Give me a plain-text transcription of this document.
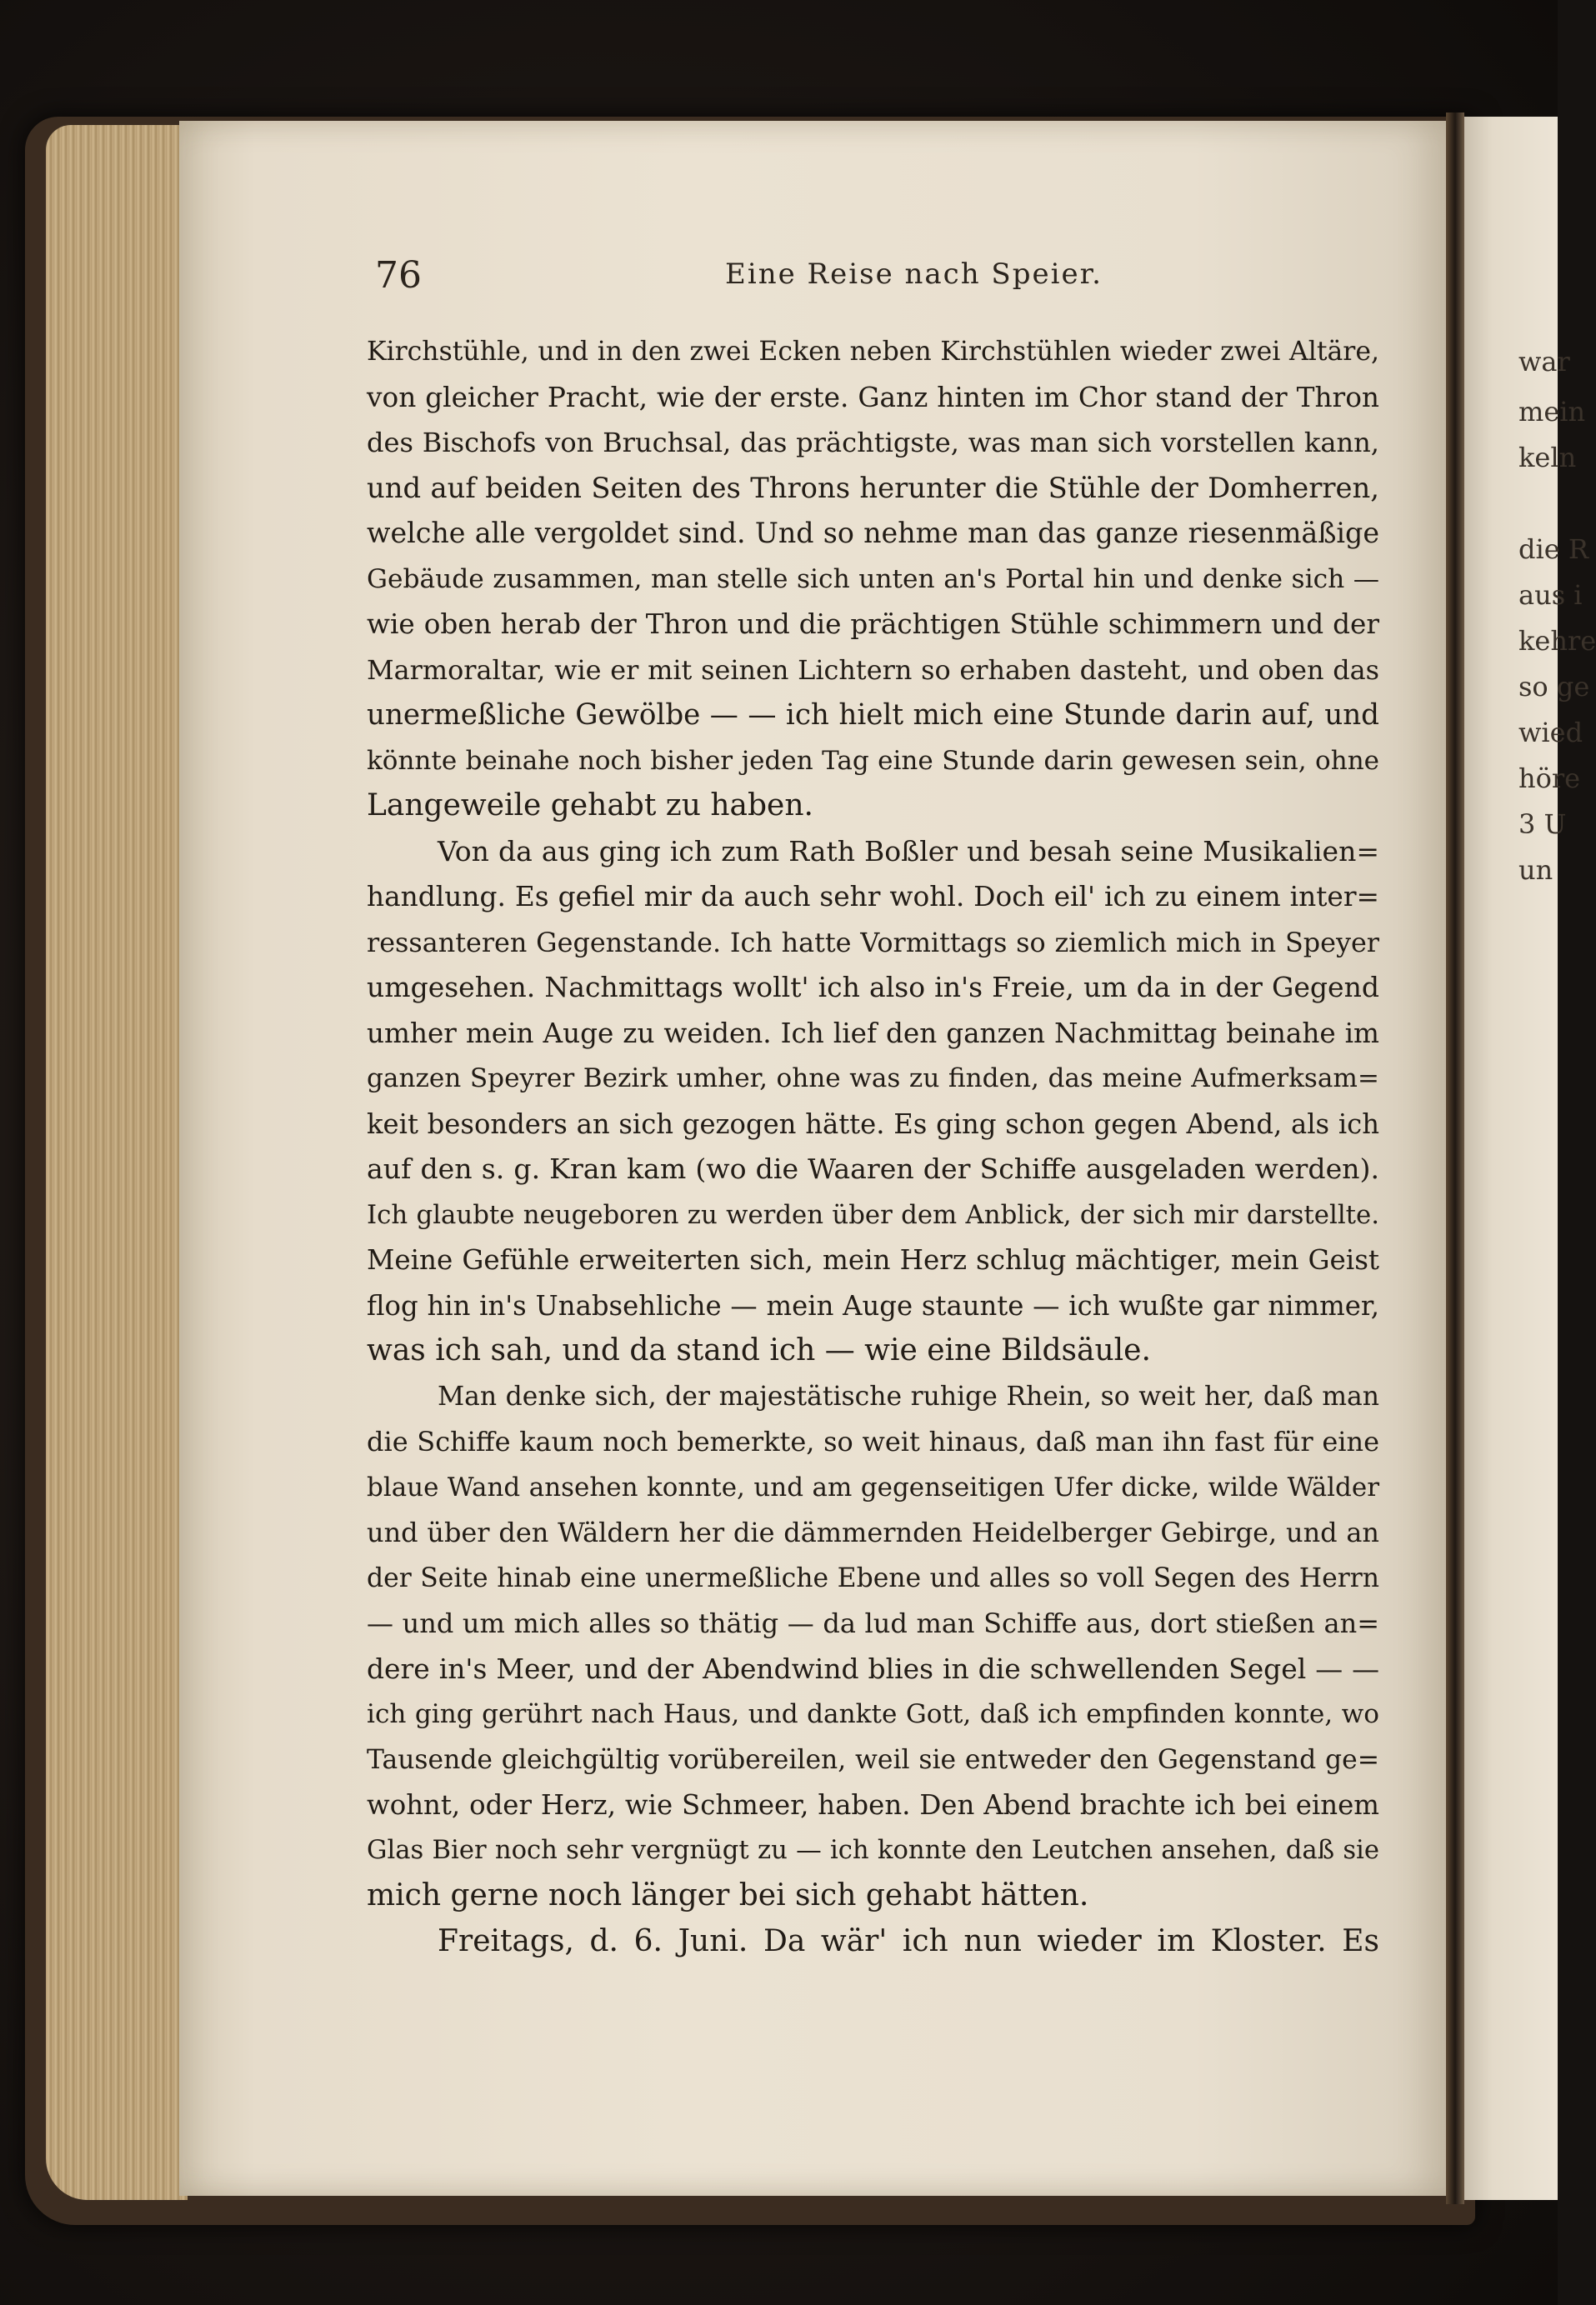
war
mein
keln
die R
aus i
kehre
so ge
wied
höre
3 U
un
76	Eine Reise nach Speier.
Kirchstühle, und in den zwei Ecken neben Kirchstühlen wieder zwei Altäre,
von gleicher Pracht, wie der erste. Ganz hinten im Chor stand der Thron
des Bischofs von Bruchsal, das prächtigste, was man sich vorstellen kann,
und auf beiden Seiten des Throns herunter die Stühle der Domherren,
welche alle vergoldet sind. Und so nehme man das ganze riesenmäßige
Gebäude zusammen, man stelle sich unten an's Portal hin und denke sich —
wie oben herab der Thron und die prächtigen Stühle schimmern und der
Marmoraltar, wie er mit seinen Lichtern so erhaben dasteht, und oben das
unermeßliche Gewölbe — — ich hielt mich eine Stunde darin auf, und
könnte beinahe noch bisher jeden Tag eine Stunde darin gewesen sein, ohne
Langeweile gehabt zu haben.
Von da aus ging ich zum Rath Boßler und besah seine Musikalien=
handlung. Es gefiel mir da auch sehr wohl. Doch eil' ich zu einem inter=
ressanteren Gegenstande. Ich hatte Vormittags so ziemlich mich in Speyer
umgesehen. Nachmittags wollt' ich also in's Freie, um da in der Gegend
umher mein Auge zu weiden. Ich lief den ganzen Nachmittag beinahe im
ganzen Speyrer Bezirk umher, ohne was zu finden, das meine Aufmerksam=
keit besonders an sich gezogen hätte. Es ging schon gegen Abend, als ich
auf den s. g. Kran kam (wo die Waaren der Schiffe ausgeladen werden).
Ich glaubte neugeboren zu werden über dem Anblick, der sich mir darstellte.
Meine Gefühle erweiterten sich, mein Herz schlug mächtiger, mein Geist
flog hin in's Unabsehliche — mein Auge staunte — ich wußte gar nimmer,
was ich sah, und da stand ich — wie eine Bildsäule.
Man denke sich, der majestätische ruhige Rhein, so weit her, daß man
die Schiffe kaum noch bemerkte, so weit hinaus, daß man ihn fast für eine
blaue Wand ansehen konnte, und am gegenseitigen Ufer dicke, wilde Wälder
und über den Wäldern her die dämmernden Heidelberger Gebirge, und an
der Seite hinab eine unermeßliche Ebene und alles so voll Segen des Herrn
— und um mich alles so thätig — da lud man Schiffe aus, dort stießen an=
dere in's Meer, und der Abendwind blies in die schwellenden Segel — —
ich ging gerührt nach Haus, und dankte Gott, daß ich empfinden konnte, wo
Tausende gleichgültig vorübereilen, weil sie entweder den Gegenstand ge=
wohnt, oder Herz, wie Schmeer, haben. Den Abend brachte ich bei einem
Glas Bier noch sehr vergnügt zu — ich konnte den Leutchen ansehen, daß sie
mich gerne noch länger bei sich gehabt hätten.
Freitags, d. 6. Juni. Da wär' ich nun wieder im Kloster. Es
